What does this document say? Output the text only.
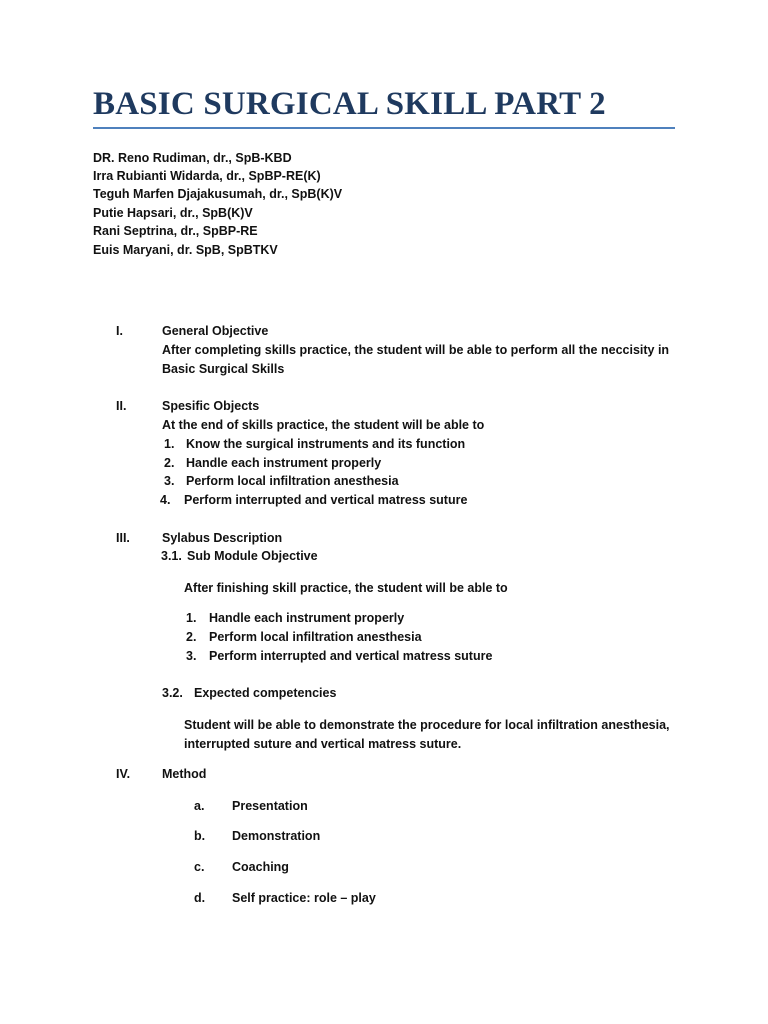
BASIC SURGICAL SKILL PART 2
DR. Reno Rudiman, dr., SpB-KBD
Irra Rubianti Widarda, dr., SpBP-RE(K)
Teguh Marfen Djajakusumah, dr., SpB(K)V
Putie Hapsari, dr., SpB(K)V
Rani Septrina, dr., SpBP-RE
Euis Maryani, dr. SpB, SpBTKV
I.	General Objective
After completing skills practice, the student will be able to perform all the neccisity in
Basic Surgical Skills
II.	Spesific Objects
At the end of skills practice, the student will be able to
1. Know the surgical instruments and its function
2. Handle each instrument properly
3. Perform local infiltration anesthesia
4. Perform interrupted and vertical matress suture
III.	Sylabus Description
3.1. Sub Module Objective
After finishing skill practice, the student will be able to
1. Handle each instrument properly
2. Perform local infiltration anesthesia
3. Perform interrupted and vertical matress suture
3.2. Expected competencies
Student will be able to demonstrate the procedure for local infiltration anesthesia,
interrupted suture and vertical matress suture.
IV.	Method
a. Presentation
b. Demonstration
c. Coaching
d. Self practice: role – play
